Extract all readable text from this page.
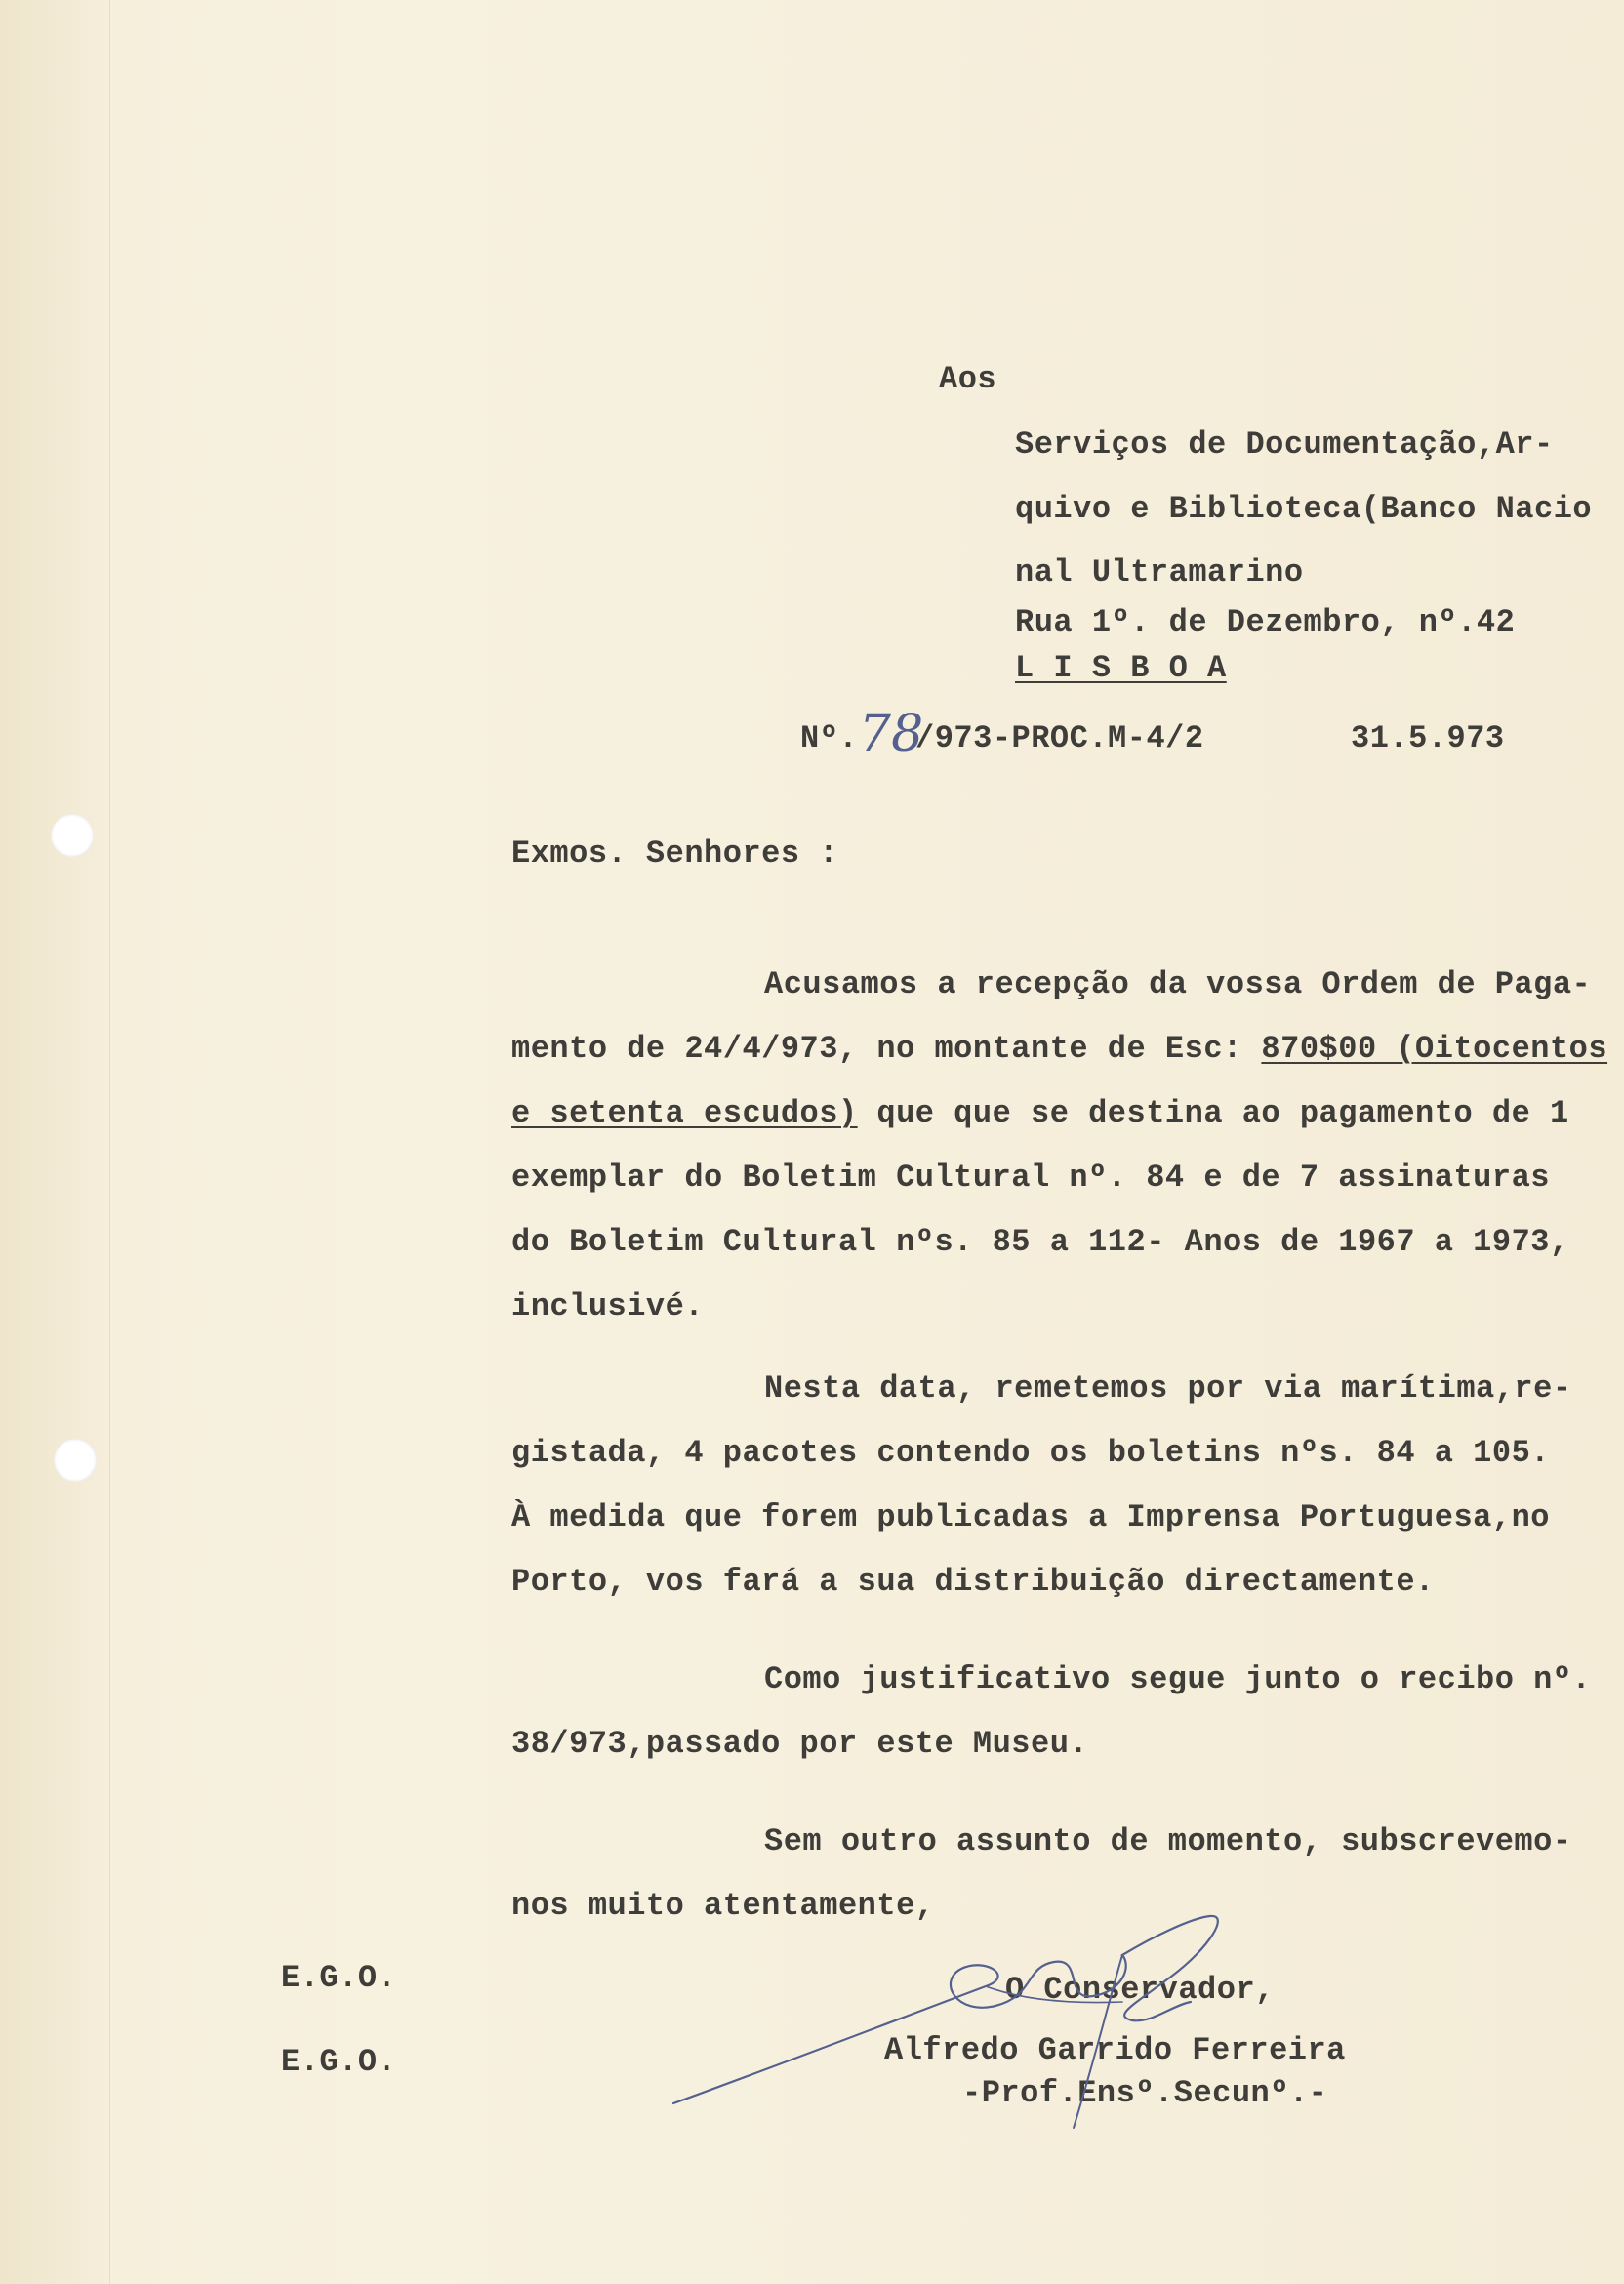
Aos
Serviços de Documentação,Ar-
quivo e Biblioteca(Banco Nacio
nal Ultramarino
Rua 1º. de Dezembro, nº.42
L I S B O A
Nº. 78
/973-PROC.M-4/2	31.5.973
Exmos. Senhores :
Acusamos a recepção da vossa Ordem de Paga-
mento de 24/4/973, no montante de Esc: 870$00 (Oitocentos
e setenta escudos) que que se destina ao pagamento de 1
exemplar do Boletim Cultural nº. 84 e de 7 assinaturas
do Boletim Cultural nºs. 85 a 112- Anos de 1967 a 1973,
inclusivé.
Nesta data, remetemos por via marítima,re-
gistada, 4 pacotes contendo os boletins nºs. 84 a 105.
À medida que forem publicadas a Imprensa Portuguesa,no
Porto, vos fará a sua distribuição directamente.
Como justificativo segue junto o recibo nº.
38/973,passado por este Museu.
Sem outro assunto de momento, subscrevemo-
nos muito atentamente,
E.G.O.
E.G.O.
O Conservador,
Alfredo Garrido Ferreira
-Prof.Ensº.Secunº.-
